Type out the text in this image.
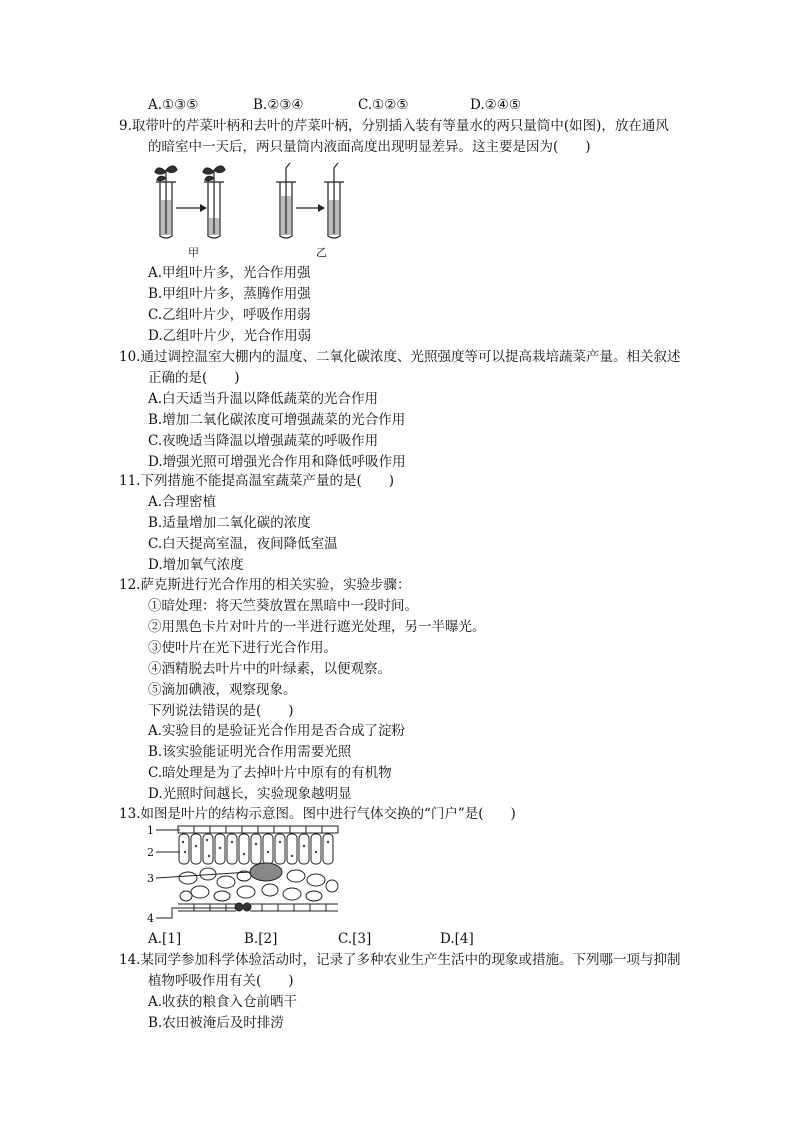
A.①③⑤	B.②③④	C.①②⑤	D.②④⑤
9.取带叶的芹菜叶柄和去叶的芹菜叶柄，分别插入装有等量水的两只量筒中(如图)，放在通风
的暗室中一天后，两只量筒内液面高度出现明显差异。这主要是因为(　　)
甲	乙
A.甲组叶片多，光合作用强
B.甲组叶片多，蒸腾作用强
C.乙组叶片少，呼吸作用弱
D.乙组叶片少，光合作用弱
10.通过调控温室大棚内的温度、二氧化碳浓度、光照强度等可以提高栽培蔬菜产量。相关叙述
正确的是(　　)
A.白天适当升温以降低蔬菜的光合作用
B.增加二氧化碳浓度可增强蔬菜的光合作用
C.夜晚适当降温以增强蔬菜的呼吸作用
D.增强光照可增强光合作用和降低呼吸作用
11.下列措施不能提高温室蔬菜产量的是(　　)
A.合理密植
B.适量增加二氧化碳的浓度
C.白天提高室温，夜间降低室温
D.增加氧气浓度
12.萨克斯进行光合作用的相关实验，实验步骤：
①暗处理：将天竺葵放置在黑暗中一段时间。
②用黑色卡片对叶片的一半进行遮光处理，另一半曝光。
③使叶片在光下进行光合作用。
④酒精脱去叶片中的叶绿素，以便观察。
⑤滴加碘液，观察现象。
下列说法错误的是(　　)
A.实验目的是验证光合作用是否合成了淀粉
B.该实验能证明光合作用需要光照
C.暗处理是为了去掉叶片中原有的有机物
D.光照时间越长，实验现象越明显
13.如图是叶片的结构示意图。图中进行气体交换的“门户”是(　　)
1
2
3
4
A.[1]	B.[2]	C.[3]	D.[4]
14.某同学参加科学体验活动时，记录了多种农业生产生活中的现象或措施。下列哪一项与抑制
植物呼吸作用有关(　　)
A.收获的粮食入仓前晒干
B.农田被淹后及时排涝
